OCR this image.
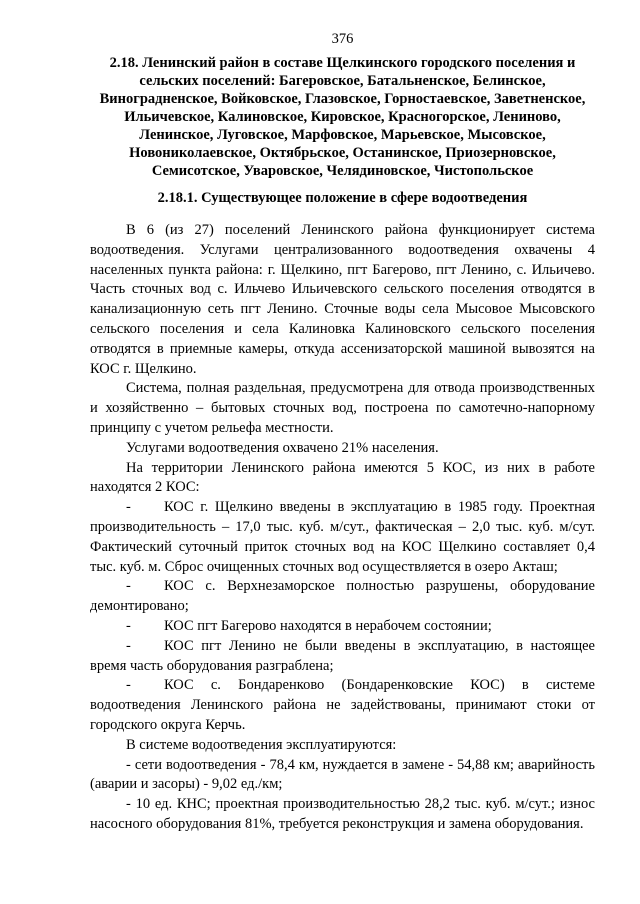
376
2.18. Ленинский район в составе Щелкинского городского поселения и сельских поселений: Багеровское, Батальненское, Белинское, Виноградненское, Войковское, Глазовское, Горностаевское, Заветненское, Ильичевское, Калиновское, Кировское, Красногорское, Лениново, Ленинское, Луговское, Марфовское, Марьевское, Мысовское, Новониколаевское, Октябрьское, Останинское, Приозерновское, Семисотское, Уваровское, Челядиновское, Чистопольское
2.18.1. Существующее положение в сфере водоотведения

В 6 (из 27) поселений Ленинского района функционирует система водоотведения. Услугами централизованного водоотведения охвачены 4 населенных пункта района: г. Щелкино, пгт Багерово, пгт Ленино, с. Ильичево. Часть сточных вод с. Ильчево Ильичевского сельского поселения отводятся в канализационную сеть пгт Ленино. Сточные воды села Мысовое Мысовского сельского поселения и села Калиновка Калиновского сельского поселения отводятся в приемные камеры, откуда ассенизаторской машиной вывозятся на КОС г. Щелкино.

Система, полная раздельная, предусмотрена для отвода производственных и хозяйственно – бытовых сточных вод, построена по самотечно-напорному принципу с учетом рельефа местности.

Услугами водоотведения охвачено 21% населения.

На территории Ленинского района имеются 5 КОС, из них в работе находятся 2 КОС:

- КОС г. Щелкино введены в эксплуатацию в 1985 году. Проектная производительность – 17,0 тыс. куб. м/сут., фактическая – 2,0 тыс. куб. м/сут. Фактический суточный приток сточных вод на КОС Щелкино составляет 0,4 тыс. куб. м. Сброс очищенных сточных вод осуществляется в озеро Акташ;

- КОС с. Верхнезаморское полностью разрушены, оборудование демонтировано;

- КОС пгт Багерово находятся в нерабочем состоянии;

- КОС пгт Ленино не были введены в эксплуатацию, в настоящее время часть оборудования разграблена;

- КОС с. Бондаренково (Бондаренковские КОС) в системе водоотведения Ленинского района не задействованы, принимают стоки от городского округа Керчь.

В системе водоотведения эксплуатируются:

- сети водоотведения - 78,4 км, нуждается в замене - 54,88 км; аварийность (аварии и засоры) - 9,02 ед./км;

- 10 ед. КНС; проектная производительностью 28,2 тыс. куб. м/сут.; износ насосного оборудования 81%, требуется реконструкция и замена оборудования.
